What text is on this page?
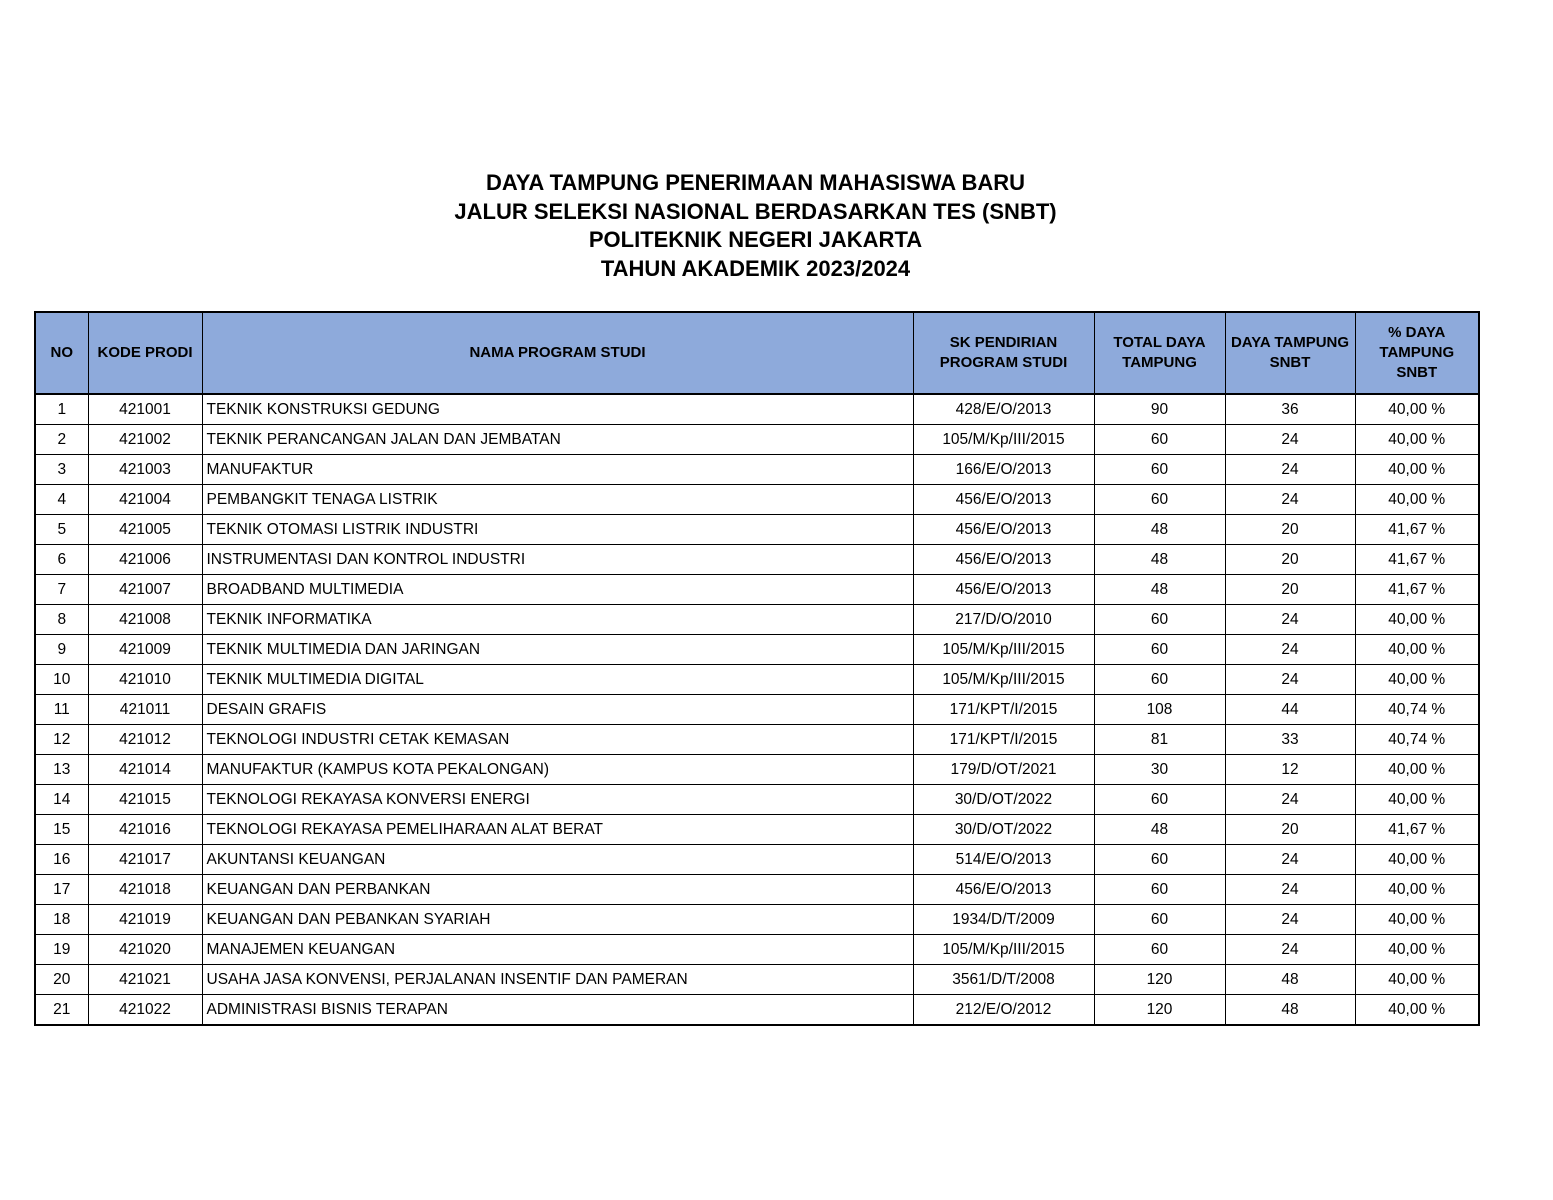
DAYA TAMPUNG PENERIMAAN MAHASISWA BARU
JALUR SELEKSI NASIONAL BERDASARKAN TES (SNBT)
POLITEKNIK NEGERI JAKARTA
TAHUN AKADEMIK 2023/2024
NO	KODE PRODI	NAMA PROGRAM STUDI	SK PENDIRIAN PROGRAM STUDI	TOTAL DAYA TAMPUNG	DAYA TAMPUNG SNBT	% DAYA TAMPUNG SNBT
1	421001	TEKNIK KONSTRUKSI GEDUNG	428/E/O/2013	90	36	40,00 %
2	421002	TEKNIK PERANCANGAN JALAN DAN JEMBATAN	105/M/Kp/III/2015	60	24	40,00 %
3	421003	MANUFAKTUR	166/E/O/2013	60	24	40,00 %
4	421004	PEMBANGKIT TENAGA LISTRIK	456/E/O/2013	60	24	40,00 %
5	421005	TEKNIK OTOMASI LISTRIK INDUSTRI	456/E/O/2013	48	20	41,67 %
6	421006	INSTRUMENTASI DAN KONTROL INDUSTRI	456/E/O/2013	48	20	41,67 %
7	421007	BROADBAND MULTIMEDIA	456/E/O/2013	48	20	41,67 %
8	421008	TEKNIK INFORMATIKA	217/D/O/2010	60	24	40,00 %
9	421009	TEKNIK MULTIMEDIA DAN JARINGAN	105/M/Kp/III/2015	60	24	40,00 %
10	421010	TEKNIK MULTIMEDIA DIGITAL	105/M/Kp/III/2015	60	24	40,00 %
11	421011	DESAIN GRAFIS	171/KPT/I/2015	108	44	40,74 %
12	421012	TEKNOLOGI INDUSTRI CETAK KEMASAN	171/KPT/I/2015	81	33	40,74 %
13	421014	MANUFAKTUR (KAMPUS KOTA PEKALONGAN)	179/D/OT/2021	30	12	40,00 %
14	421015	TEKNOLOGI REKAYASA KONVERSI ENERGI	30/D/OT/2022	60	24	40,00 %
15	421016	TEKNOLOGI REKAYASA PEMELIHARAAN ALAT BERAT	30/D/OT/2022	48	20	41,67 %
16	421017	AKUNTANSI KEUANGAN	514/E/O/2013	60	24	40,00 %
17	421018	KEUANGAN DAN PERBANKAN	456/E/O/2013	60	24	40,00 %
18	421019	KEUANGAN DAN PEBANKAN SYARIAH	1934/D/T/2009	60	24	40,00 %
19	421020	MANAJEMEN KEUANGAN	105/M/Kp/III/2015	60	24	40,00 %
20	421021	USAHA JASA KONVENSI, PERJALANAN INSENTIF DAN PAMERAN	3561/D/T/2008	120	48	40,00 %
21	421022	ADMINISTRASI BISNIS TERAPAN	212/E/O/2012	120	48	40,00 %
